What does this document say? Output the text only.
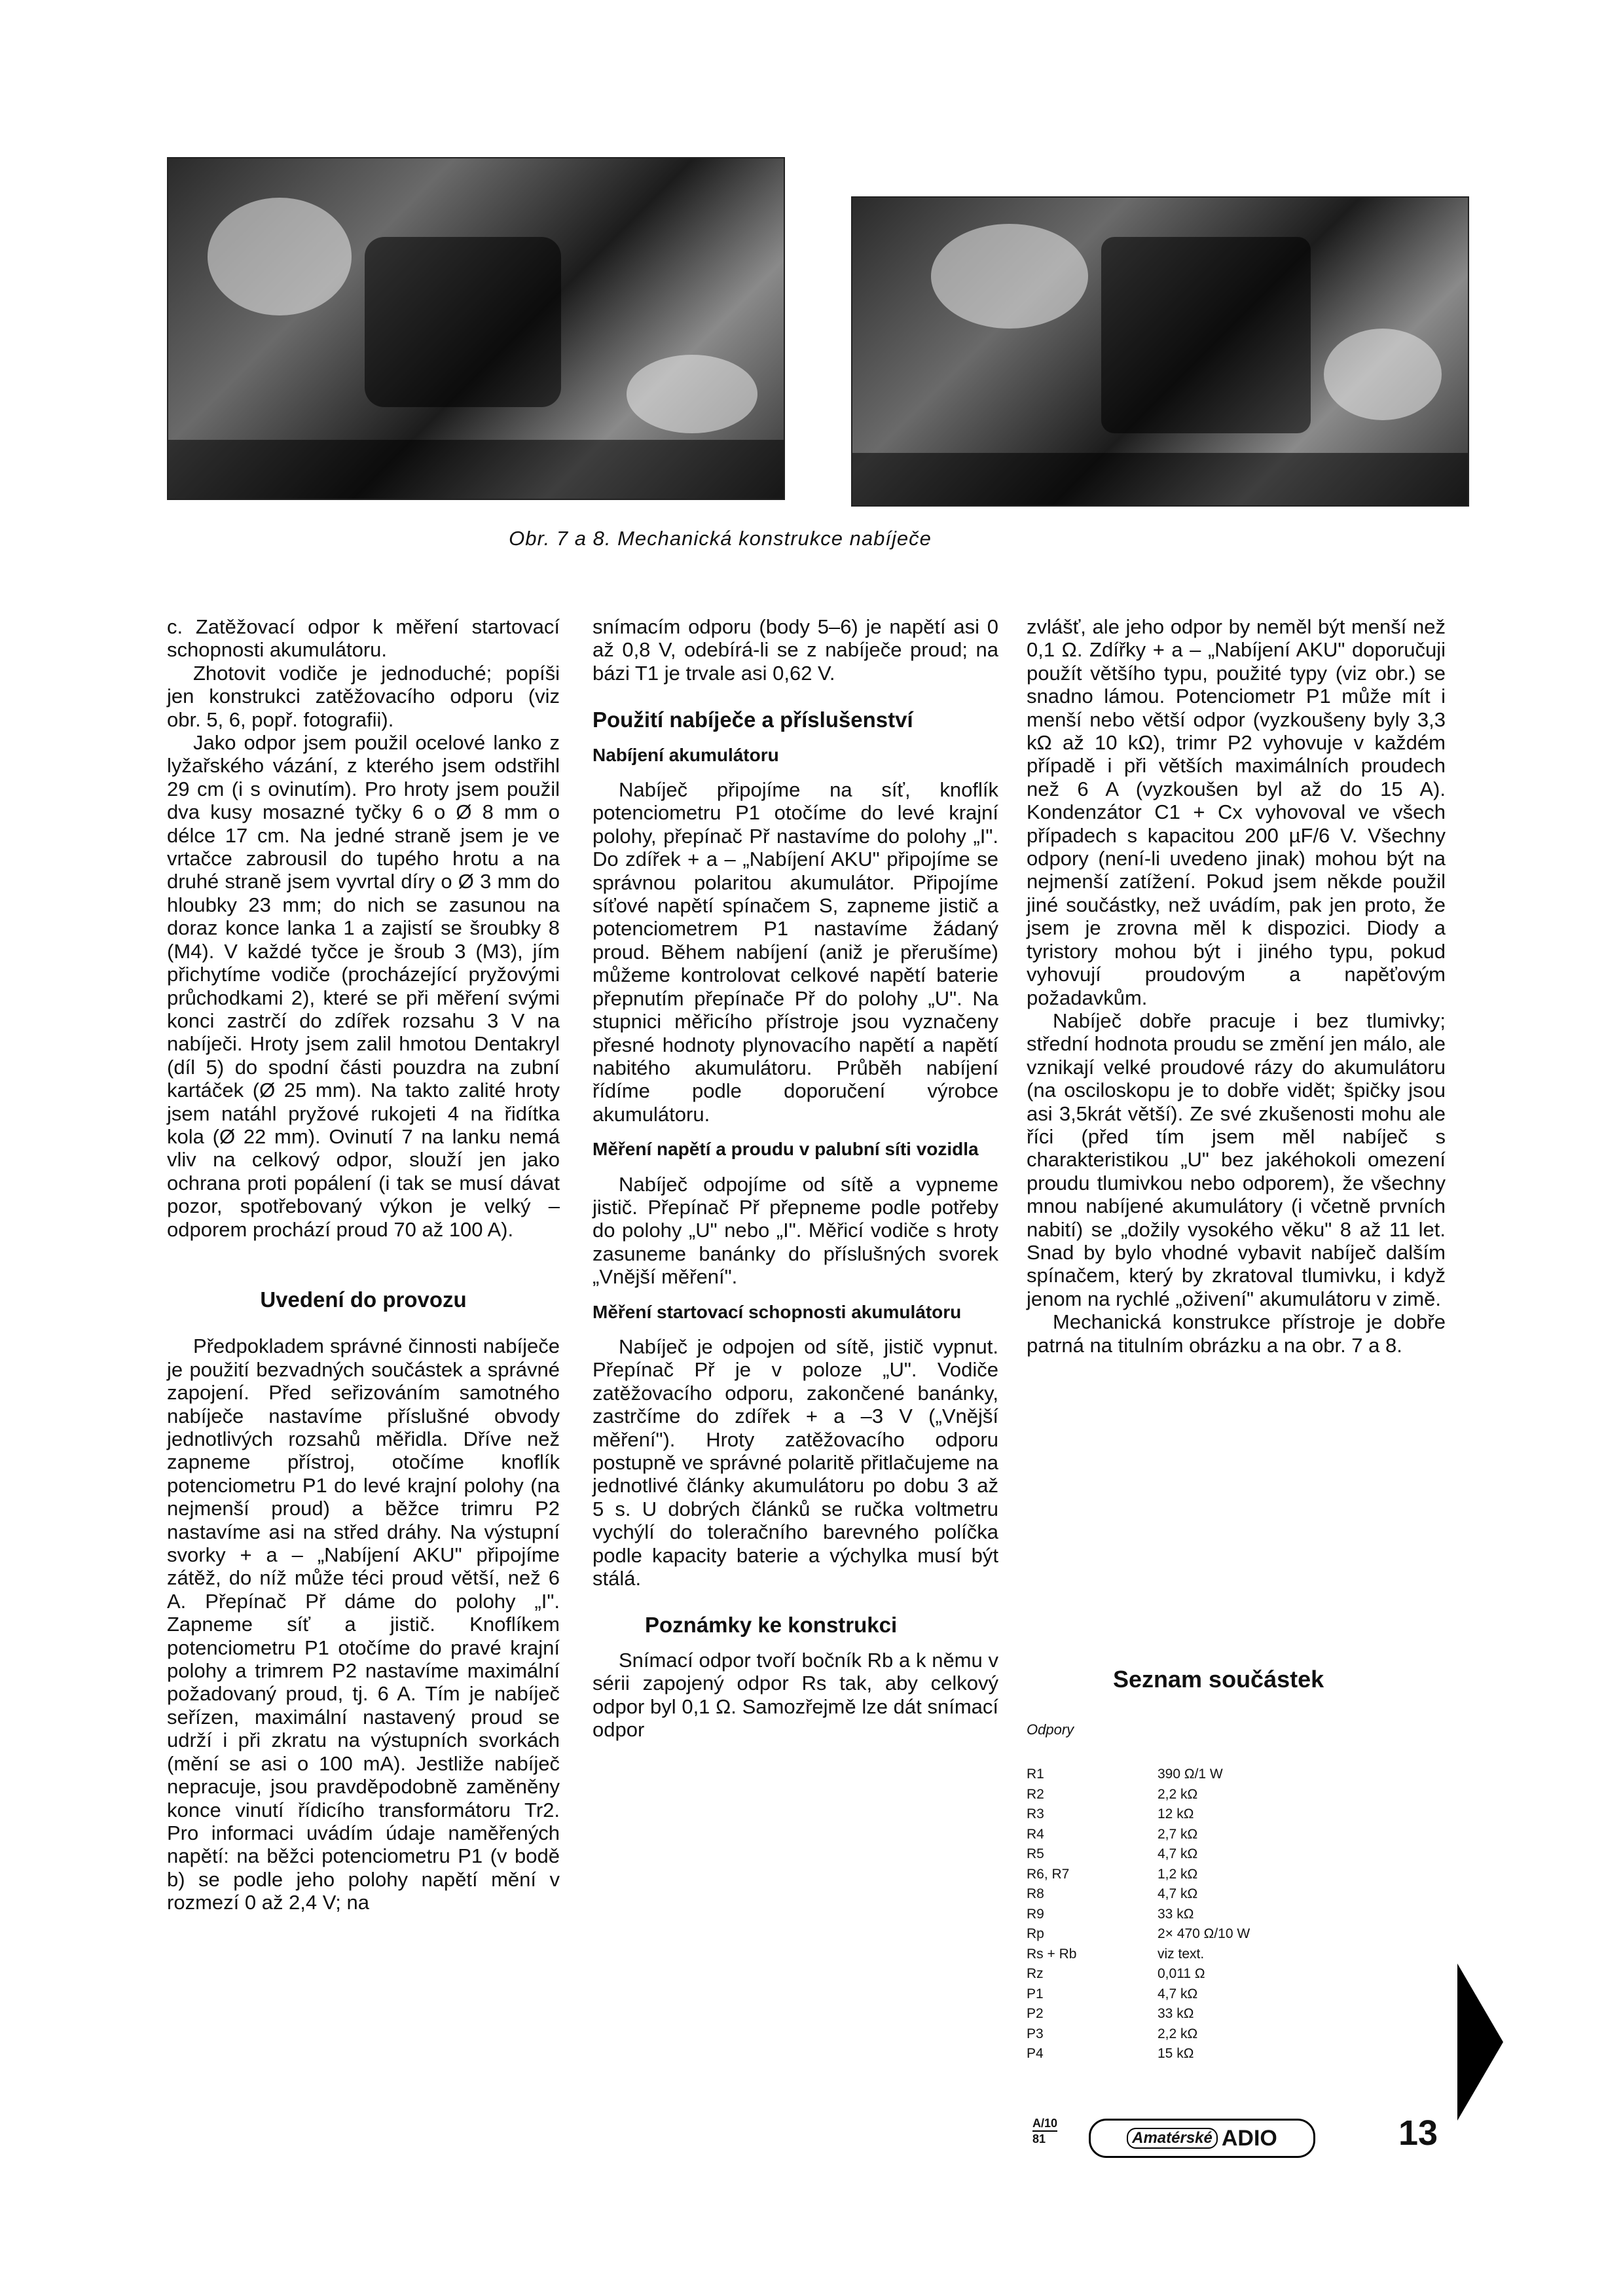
Obr. 7 a 8. Mechanická konstrukce nabíječe

c. Zatěžovací odpor k měření startovací schopnosti akumulátoru.

Zhotovit vodiče je jednoduché; popíši jen konstrukci zatěžovacího odporu (viz obr. 5, 6, popř. fotografii).

Jako odpor jsem použil ocelové lanko z lyžařského vázání, z kterého jsem odstřihl 29 cm (i s ovinutím). Pro hroty jsem použil dva kusy mosazné tyčky 6 o Ø 8 mm o délce 17 cm. Na jedné straně jsem je ve vrtačce zabrousil do tupého hrotu a na druhé straně jsem vyvrtal díry o Ø 3 mm do hloubky 23 mm; do nich se zasunou na doraz konce lanka 1 a zajistí se šroubky 8 (M4). V každé tyčce je šroub 3 (M3), jím přichytíme vodiče (procházející pryžovými průchodkami 2), které se při měření svými konci zastrčí do zdířek rozsahu 3 V na nabíječi. Hroty jsem zalil hmotou Dentakryl (díl 5) do spodní části pouzdra na zubní kartáček (Ø 25 mm). Na takto zalité hroty jsem natáhl pryžové rukojeti 4 na řidítka kola (Ø 22 mm). Ovinutí 7 na lanku nemá vliv na celkový odpor, slouží jen jako ochrana proti popálení (i tak se musí dávat pozor, spotřebovaný výkon je velký – odporem prochází proud 70 až 100 A).

Uvedení do provozu

Předpokladem správné činnosti nabíječe je použití bezvadných součástek a správné zapojení. Před seřizováním samotného nabíječe nastavíme příslušné obvody jednotlivých rozsahů měřidla. Dříve než zapneme přístroj, otočíme knoflík potenciometru P1 do levé krajní polohy (na nejmenší proud) a běžce trimru P2 nastavíme asi na střed dráhy. Na výstupní svorky + a – „Nabíjení AKU" připojíme zátěž, do níž může téci proud větší, než 6 A. Přepínač Př dáme do polohy „I". Zapneme síť a jistič. Knoflíkem potenciometru P1 otočíme do pravé krajní polohy a trimrem P2 nastavíme maximální požadovaný proud, tj. 6 A. Tím je nabíječ seřízen, maximální nastavený proud se udrží i při zkratu na výstupních svorkách (mění se asi o 100 mA). Jestliže nabíječ nepracuje, jsou pravděpodobně zaměněny konce vinutí řídicího transformátoru Tr2. Pro informaci uvádím údaje naměřených napětí: na běžci potenciometru P1 (v bodě b) se podle jeho polohy napětí mění v rozmezí 0 až 2,4 V; na

snímacím odporu (body 5–6) je napětí asi 0 až 0,8 V, odebírá-li se z nabíječe proud; na bázi T1 je trvale asi 0,62 V.

Použití nabíječe a příslušenství

Nabíjení akumulátoru

Nabíječ připojíme na síť, knoflík potenciometru P1 otočíme do levé krajní polohy, přepínač Př nastavíme do polohy „I". Do zdířek + a – „Nabíjení AKU" připojíme se správnou polaritou akumulátor. Připojíme síťové napětí spínačem S, zapneme jistič a potenciometrem P1 nastavíme žádaný proud. Během nabíjení (aniž je přerušíme) můžeme kontrolovat celkové napětí baterie přepnutím přepínače Př do polohy „U". Na stupnici měřicího přístroje jsou vyznačeny přesné hodnoty plynovacího napětí a napětí nabitého akumulátoru. Průběh nabíjení řídíme podle doporučení výrobce akumulátoru.

Měření napětí a proudu v palubní síti vozidla

Nabíječ odpojíme od sítě a vypneme jistič. Přepínač Př přepneme podle potřeby do polohy „U" nebo „I". Měřicí vodiče s hroty zasuneme banánky do příslušných svorek „Vnější měření".

Měření startovací schopnosti akumulátoru

Nabíječ je odpojen od sítě, jistič vypnut. Přepínač Př je v poloze „U". Vodiče zatěžovacího odporu, zakončené banánky, zastrčíme do zdířek + a –3 V („Vnější měření"). Hroty zatěžovacího odporu postupně ve správné polaritě přitlačujeme na jednotlivé články akumulátoru po dobu 3 až 5 s. U dobrých článků se ručka voltmetru vychýlí do toleračního barevného políčka podle kapacity baterie a výchylka musí být stálá.

Poznámky ke konstrukci

Snímací odpor tvoří bočník Rb a k němu v sérii zapojený odpor Rs tak, aby celkový odpor byl 0,1 Ω. Samozřejmě lze dát snímací odpor

zvlášť, ale jeho odpor by neměl být menší než 0,1 Ω. Zdířky + a – „Nabíjení AKU" doporučuji použít většího typu, použité typy (viz obr.) se snadno lámou. Potenciometr P1 může mít i menší nebo větší odpor (vyzkoušeny byly 3,3 kΩ až 10 kΩ), trimr P2 vyhovuje v každém případě i při větších maximálních proudech než 6 A (vyzkoušen byl až do 15 A). Kondenzátor C1 + Cx vyhovoval ve všech případech s kapacitou 200 µF/6 V. Všechny odpory (není-li uvedeno jinak) mohou být na nejmenší zatížení. Pokud jsem někde použil jiné součástky, než uvádím, pak jen proto, že jsem je zrovna měl k dispozici. Diody a tyristory mohou být i jiného typu, pokud vyhovují proudovým a napěťovým požadavkům.

Nabíječ dobře pracuje i bez tlumivky; střední hodnota proudu se změní jen málo, ale vznikají velké proudové rázy do akumulátoru (na osciloskopu je to dobře vidět; špičky jsou asi 3,5krát větší). Ze své zkušenosti mohu ale říci (před tím jsem měl nabíječ s charakteristikou „U" bez jakéhokoli omezení proudu tlumivkou nebo odporem), že všechny mnou nabíjené akumulátory (i včetně prvních nabití) se „dožily vysokého věku" 8 až 11 let. Snad by bylo vhodné vybavit nabíječ dalším spínačem, který by zkratoval tlumivku, i když jenom na rychlé „oživení" akumulátoru v zimě.

Mechanická konstrukce přístroje je dobře patrná na titulním obrázku a na obr. 7 a 8.

Seznam součástek
Odpory
R1	390 Ω/1 W
R2	2,2 kΩ
R3	12 kΩ
R4	2,7 kΩ
R5	4,7 kΩ
R6, R7	1,2 kΩ
R8	4,7 kΩ
R9	33 kΩ
Rp	2× 470 Ω/10 W
Rs + Rb	viz text.
Rz	0,011 Ω
P1	4,7 kΩ
P2	33 kΩ
P3	2,2 kΩ
P4	15 kΩ
A/10
81	Amatérské ADIO	13
